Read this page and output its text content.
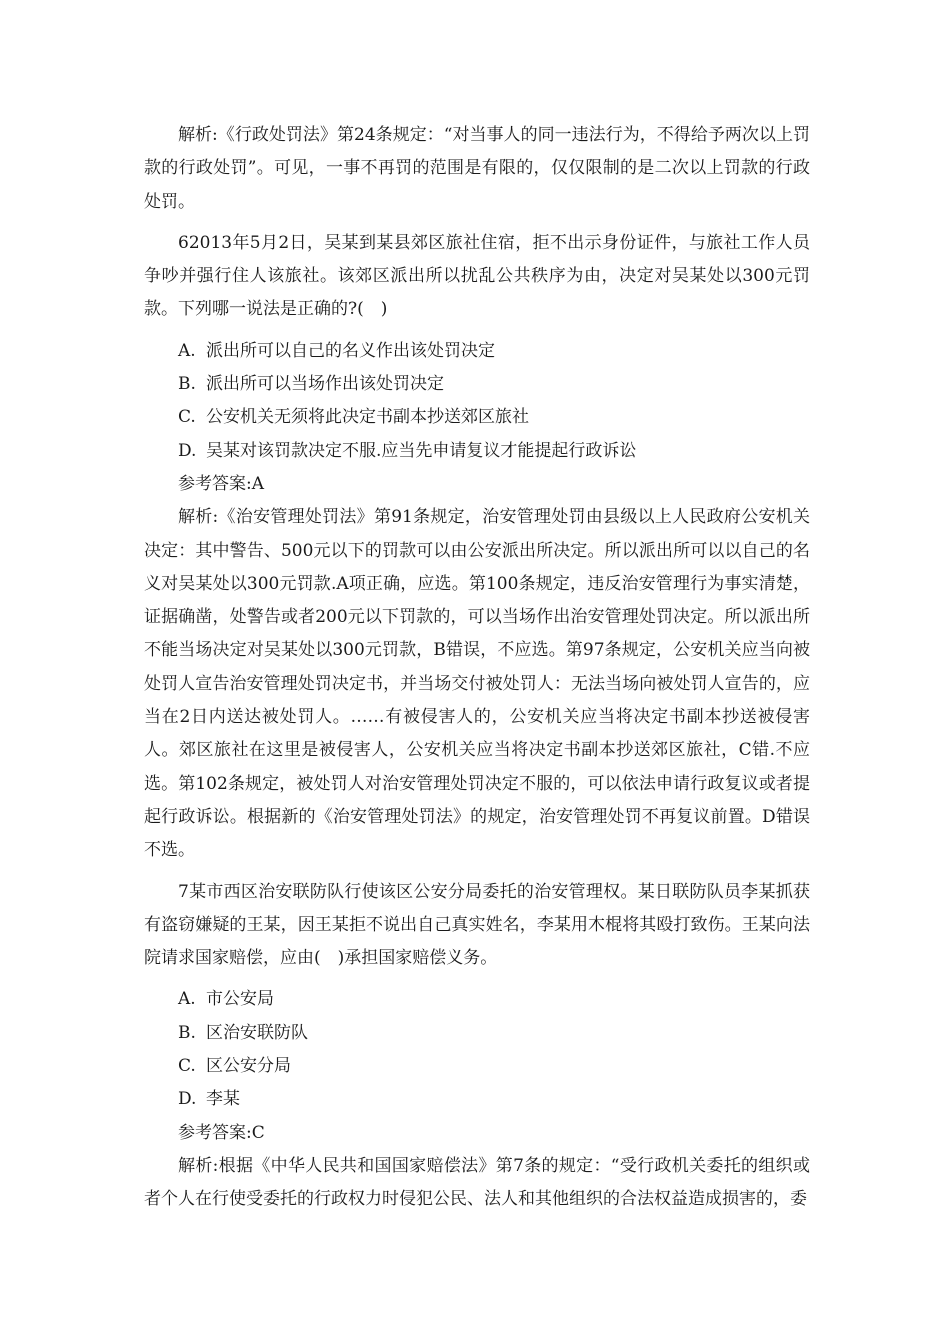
解析:《行政处罚法》第24条规定：“对当事人的同一违法行为，不得给予两次以上罚款的行政处罚”。可见，一事不再罚的范围是有限的，仅仅限制的是二次以上罚款的行政处罚。

62013年5月2日，吴某到某县郊区旅社住宿，拒不出示身份证件，与旅社工作人员争吵并强行住人该旅社。该郊区派出所以扰乱公共秩序为由，决定对吴某处以300元罚款。下列哪一说法是正确的?(　)

A. 派出所可以自己的名义作出该处罚决定

B. 派出所可以当场作出该处罚决定

C. 公安机关无须将此决定书副本抄送郊区旅社

D. 吴某对该罚款决定不服.应当先申请复议才能提起行政诉讼

参考答案:A

解析:《治安管理处罚法》第91条规定，治安管理处罚由县级以上人民政府公安机关决定：其中警告、500元以下的罚款可以由公安派出所决定。所以派出所可以以自己的名义对吴某处以300元罚款.A项正确，应选。第100条规定，违反治安管理行为事实清楚，证据确凿，处警告或者200元以下罚款的，可以当场作出治安管理处罚决定。所以派出所不能当场决定对吴某处以300元罚款，B错误，不应选。第97条规定，公安机关应当向被处罚人宣告治安管理处罚决定书，并当场交付被处罚人：无法当场向被处罚人宣告的，应当在2日内送达被处罚人。……有被侵害人的，公安机关应当将决定书副本抄送被侵害人。郊区旅社在这里是被侵害人，公安机关应当将决定书副本抄送郊区旅社，C错.不应选。第102条规定，被处罚人对治安管理处罚决定不服的，可以依法申请行政复议或者提起行政诉讼。根据新的《治安管理处罚法》的规定，治安管理处罚不再复议前置。D错误不选。

7某市西区治安联防队行使该区公安分局委托的治安管理权。某日联防队员李某抓获有盗窃嫌疑的王某，因王某拒不说出自己真实姓名，李某用木棍将其殴打致伤。王某向法院请求国家赔偿，应由(　)承担国家赔偿义务。

A. 市公安局

B. 区治安联防队

C. 区公安分局

D. 李某

参考答案:C

解析:根据《中华人民共和国国家赔偿法》第7条的规定：“受行政机关委托的组织或者个人在行使受委托的行政权力时侵犯公民、法人和其他组织的合法权益造成损害的，委
